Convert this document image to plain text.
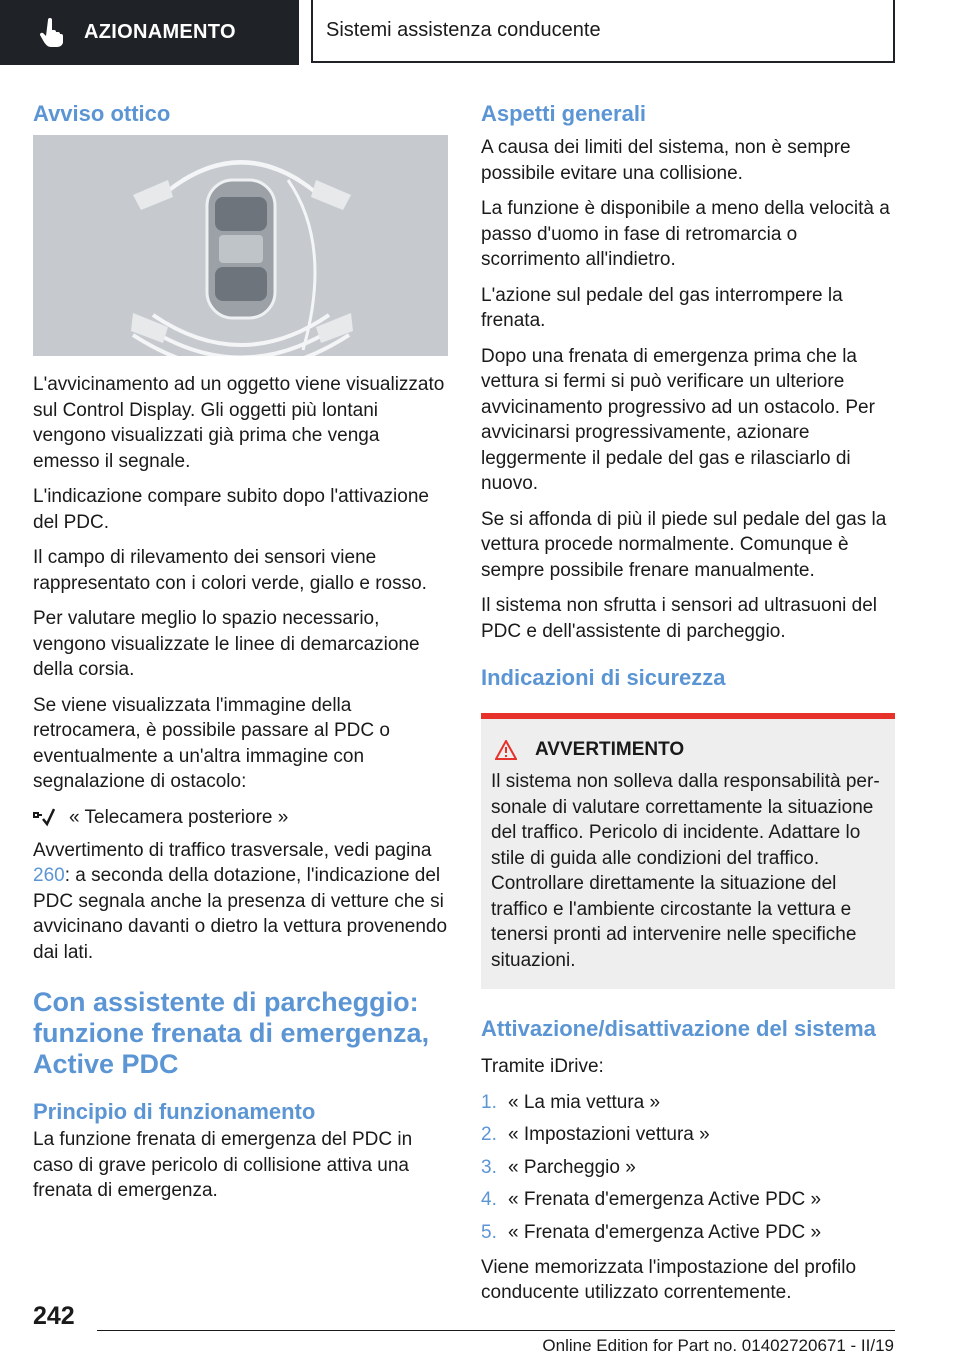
AZIONAMENTO	Sistemi assistenza conducente
Avviso ottico

L'avvicinamento ad un oggetto viene visualizzato sul Control Display. Gli oggetti più lontani vengono visualizzati già prima che venga emesso il segnale.

L'indicazione compare subito dopo l'attivazione del PDC.

Il campo di rilevamento dei sensori viene rappresentato con i colori verde, giallo e rosso.

Per valutare meglio lo spazio necessario, vengono visualizzate le linee di demarcazione della corsia.

Se viene visualizzata l'immagine della retrocamera, è possibile passare al PDC o eventualmente a un'altra immagine con segnalazione di ostacolo:

« Telecamera posteriore »

Avvertimento di traffico trasversale, vedi pagina 260: a seconda della dotazione, l'indicazione del PDC segnala anche la presenza di vetture che si avvicinano davanti o dietro la vettura provenendo dai lati.

Con assistente di parcheggio: funzione frenata di emergenza, Active PDC
Principio di funzionamento

La funzione frenata di emergenza del PDC in caso di grave pericolo di collisione attiva una frenata di emergenza.

Aspetti generali

A causa dei limiti del sistema, non è sempre possibile evitare una collisione.

La funzione è disponibile a meno della velocità a passo d'uomo in fase di retromarcia o scorrimento all'indietro.

L'azione sul pedale del gas interrompere la frenata.

Dopo una frenata di emergenza prima che la vettura si fermi si può verificare un ulteriore avvicinamento progressivo ad un ostacolo. Per avvicinarsi progressivamente, azionare leggermente il pedale del gas e rilasciarlo di nuovo.

Se si affonda di più il piede sul pedale del gas la vettura procede normalmente. Comunque è sempre possibile frenare manualmente.

Il sistema non sfrutta i sensori ad ultrasuoni del PDC e dell'assistente di parcheggio.

Indicazioni di sicurezza
AVVERTIMENTO

Il sistema non solleva dalla responsabilità per-sonale di valutare correttamente la situazione del traffico. Pericolo di incidente. Adattare lo stile di guida alle condizioni del traffico. Controllare direttamente la situazione del traffico e l'ambiente circostante la vettura e tenersi pronti ad intervenire nelle specifiche situazioni.

Attivazione/disattivazione del sistema

Tramite iDrive:

1. « La mia vettura »
2. « Impostazioni vettura »
3. « Parcheggio »
4. « Frenata d'emergenza Active PDC »
5. « Frenata d'emergenza Active PDC »

Viene memorizzata l'impostazione del profilo conducente utilizzato correntemente.

242
Online Edition for Part no. 01402720671 - II/19
